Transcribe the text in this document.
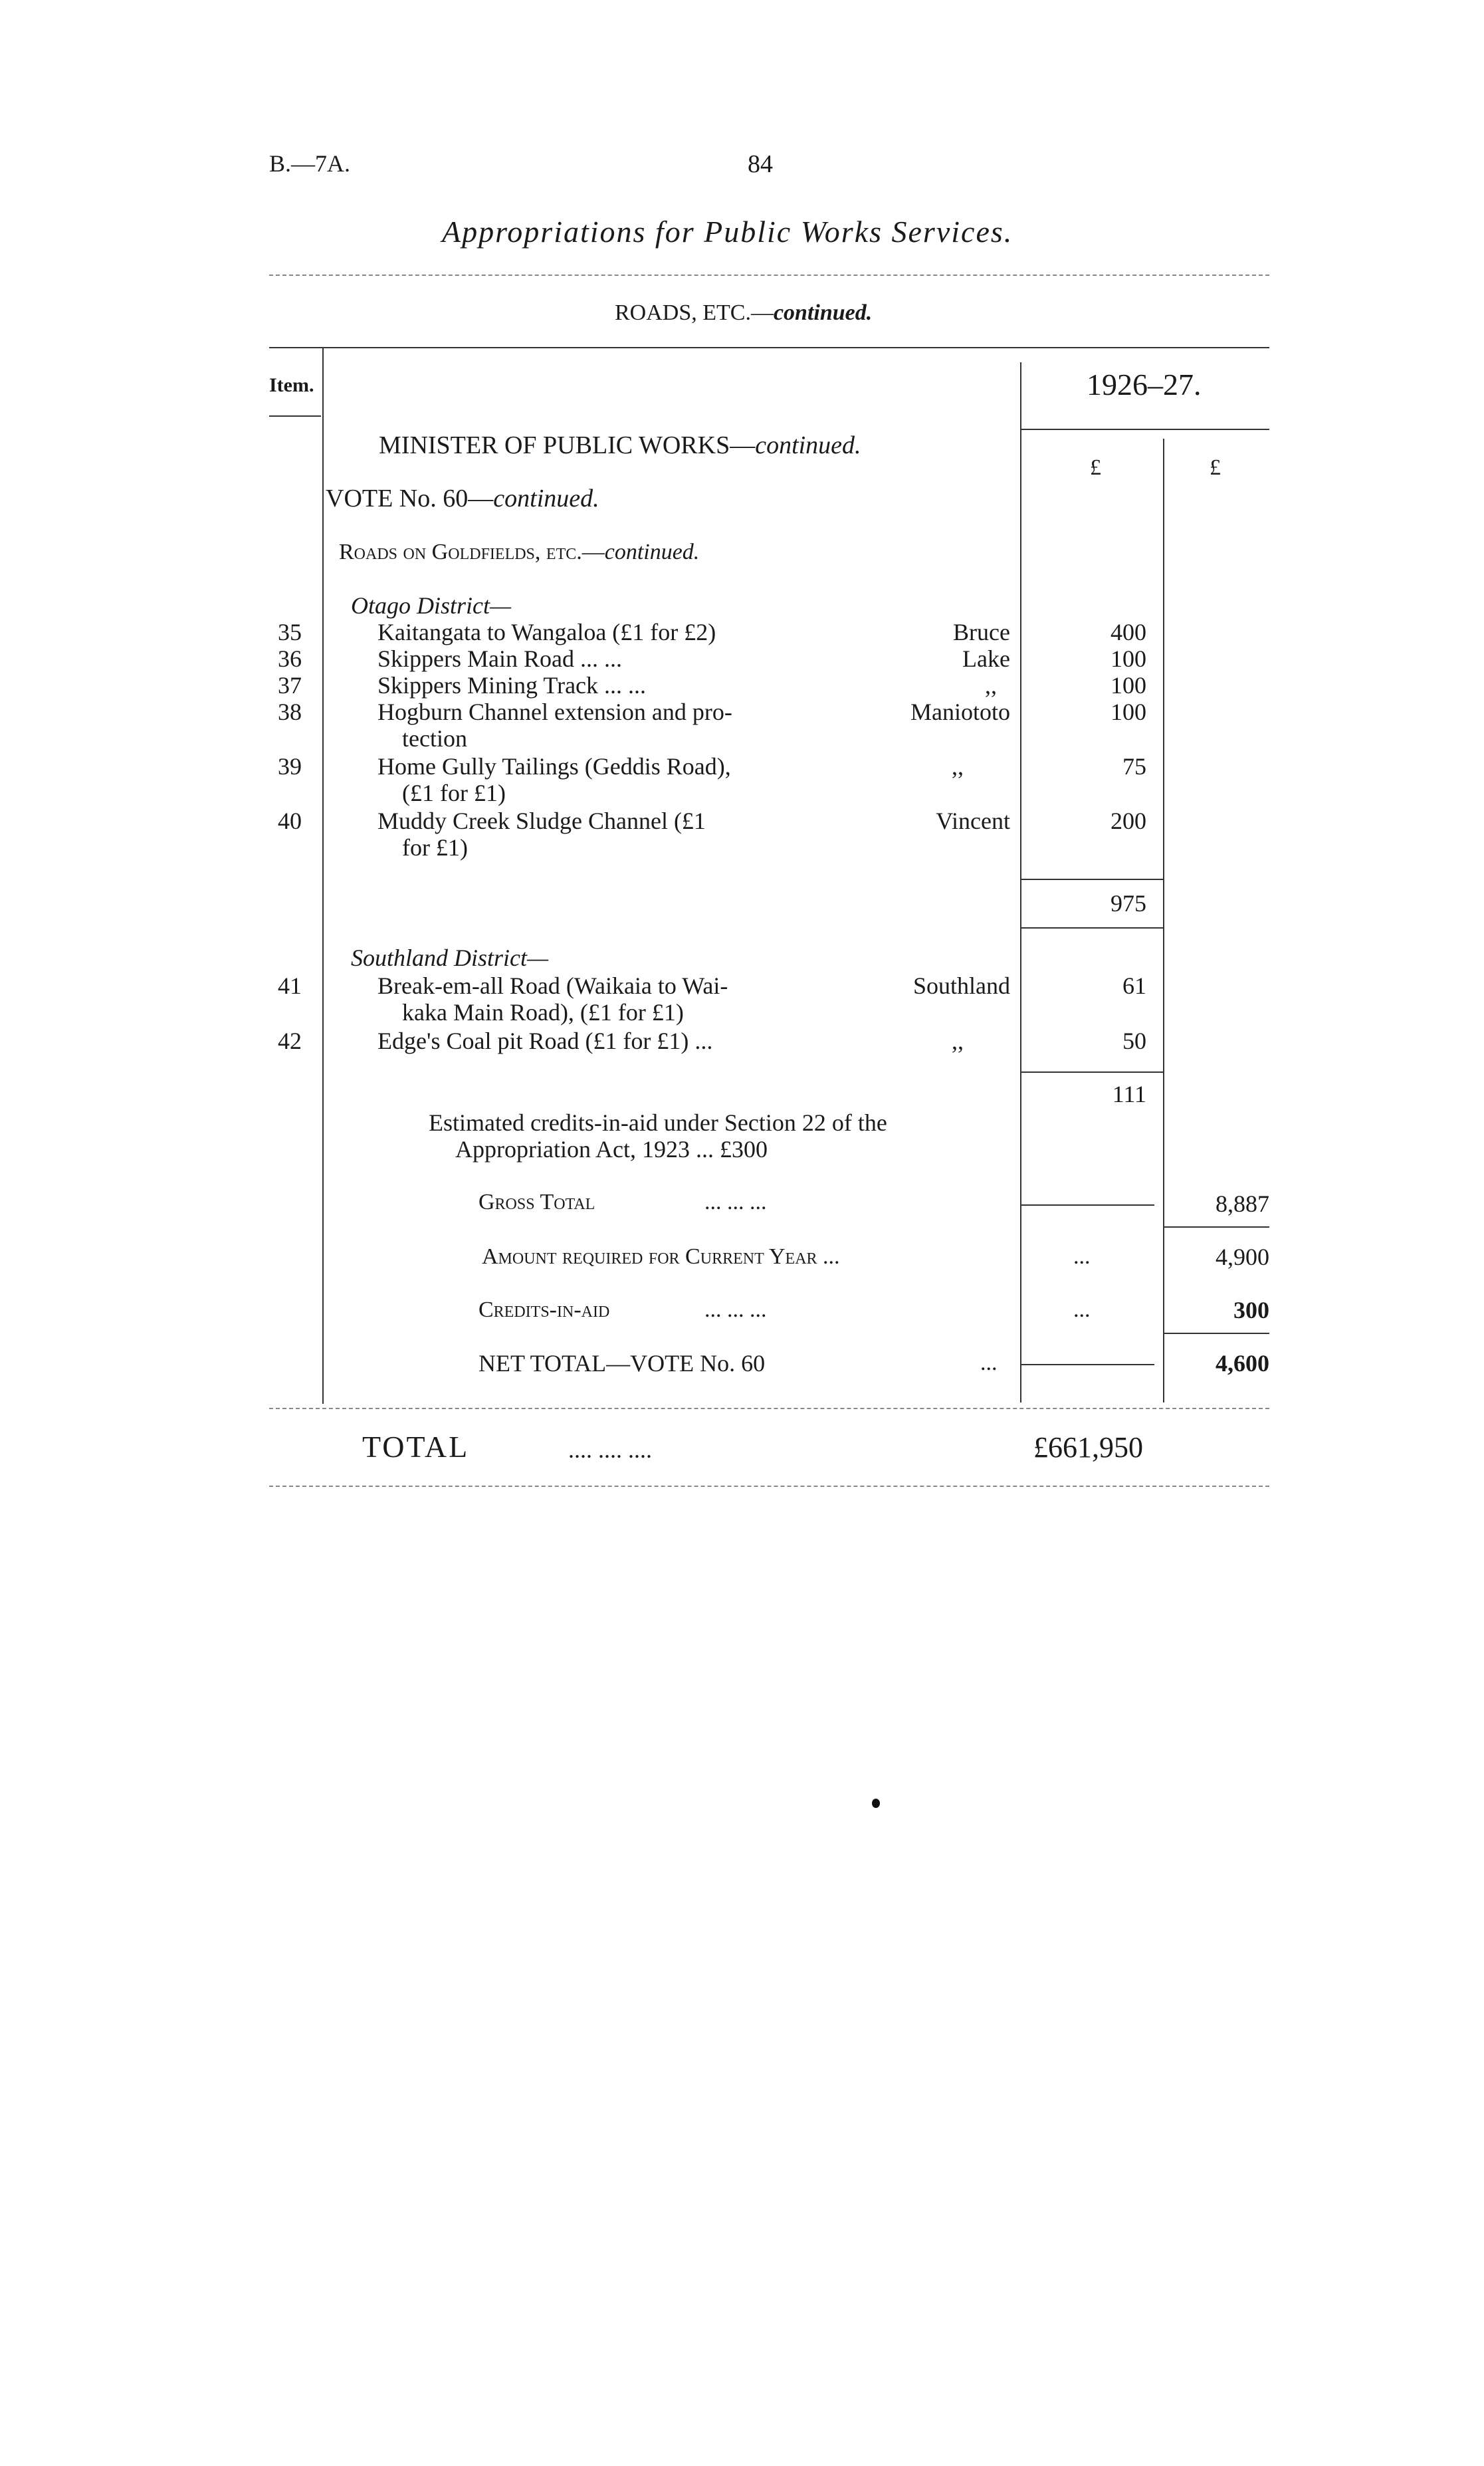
B.—7A.	84
Appropriations for Public Works Services.
ROADS, ETC.—continued.
Item.	1926–27.
£	£
MINISTER OF PUBLIC WORKS—continued.
VOTE No. 60—continued.
Roads on Goldfields, etc.—continued.
Otago District—
35	Kaitangata to Wangaloa (£1 for £2)	Bruce	400
36	Skippers Main Road ... ...	Lake	100
37	Skippers Mining Track ... ...	,,	100
38	Hogburn Channel extension and pro-
tection
Maniototo	100
39	Home Gully Tailings (Geddis Road),
(£1 for £1)
,,	75
40	Muddy Creek Sludge Channel (£1
for £1)
Vincent	200
975
Southland District—
41	Break-em-all Road (Waikaia to Wai-
kaka Main Road), (£1 for £1)
Southland	61
42	Edge's Coal pit Road (£1 for £1) ...	,,	50
111
Estimated credits-in-aid under Section 22 of the
Appropriation Act, 1923 ... £300
Gross Total	... ... ...	8,887
Amount required for Current Year ...	...	4,900
Credits-in-aid	... ... ...	...	300
NET TOTAL—VOTE No. 60	...	4,600
TOTAL	.... .... ....	£661,950
